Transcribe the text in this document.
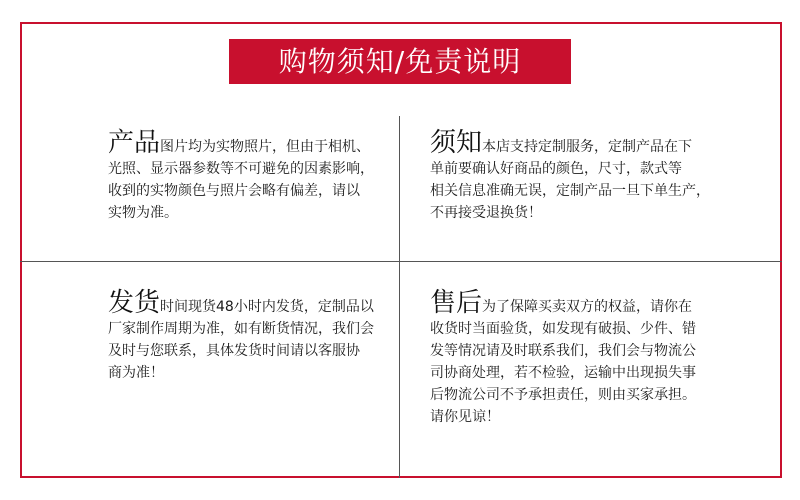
购物须知/免责说明
产品图片均为实物照片，但由于相机、
光照、显示器参数等不可避免的因素影响，
收到的实物颜色与照片会略有偏差，请以
实物为准。
须知本店支持定制服务，定制产品在下
单前要确认好商品的颜色，尺寸，款式等
相关信息准确无误，定制产品一旦下单生产，
不再接受退换货！
发货时间现货48小时内发货，定制品以
厂家制作周期为准，如有断货情况，我们会
及时与您联系，具体发货时间请以客服协
商为准！
售后为了保障买卖双方的权益，请你在
收货时当面验货，如发现有破损、少件、错
发等情况请及时联系我们，我们会与物流公
司协商处理，若不检验，运输中出现损失事
后物流公司不予承担责任，则由买家承担。
请你见谅！
